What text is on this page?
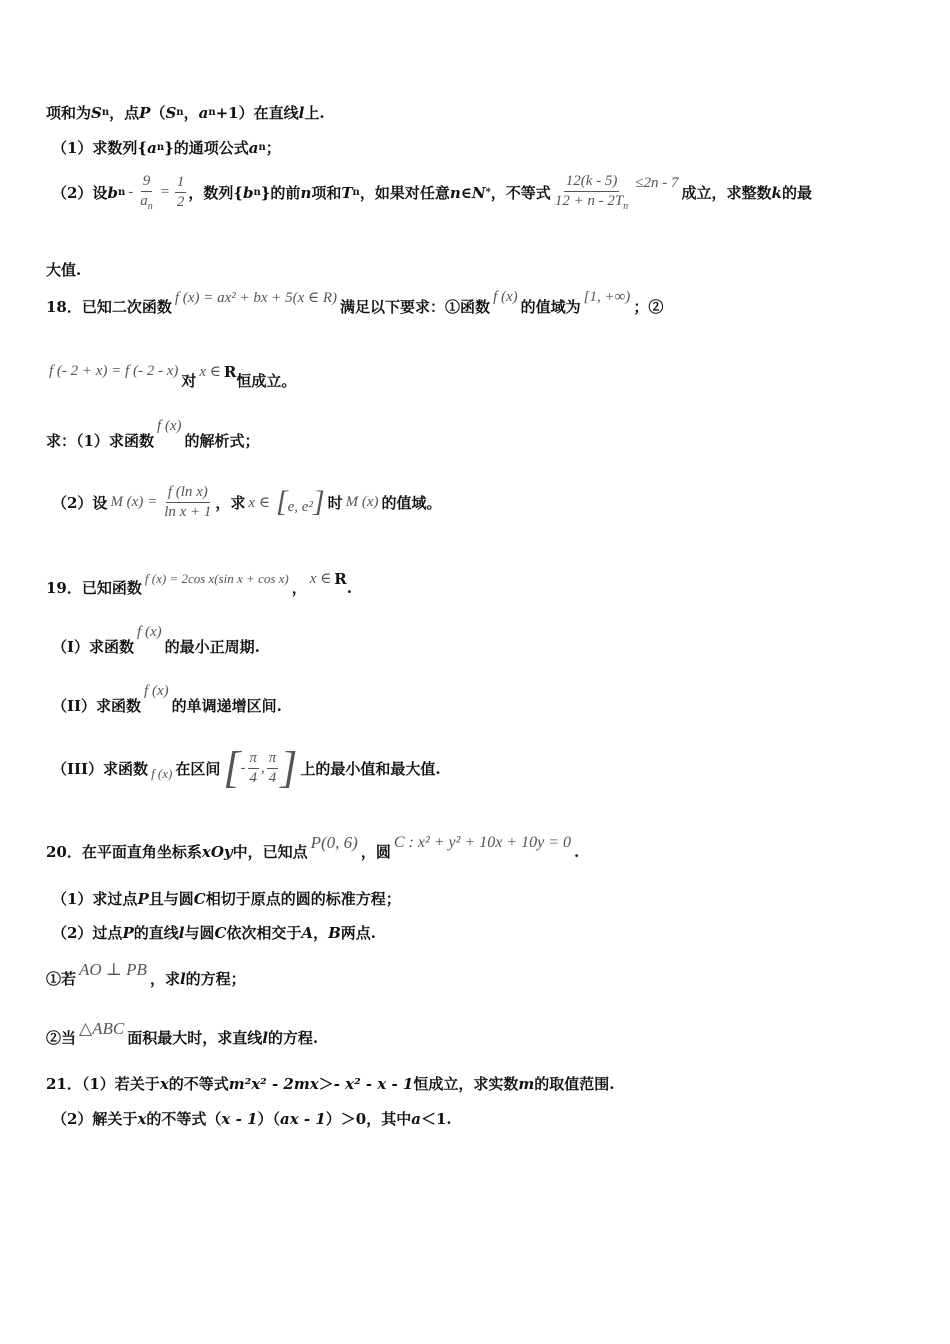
项和为 S n ，点 P （ S n ， a n +1）在直线 l 上.
（1）求数列{ a n }的通项公式 a n ；
（2）设 b $n - \frac{9}{a_n} = \frac{1}{2}$ ，数列{ b n }的前 n 项和 T n ，如果对任意 n ∈ N * ，不等式 $\frac{12(k - 5)}{12 + n - 2T_n} \le 2n - 7$
成立，求整数 k 的最
大值.
18．已知二次函数 f (x) = ax² + bx + 5(x ∈ R) 满足以下要求：①函数
f (x)
的值域为
[1, +∞)
；②
f (- 2 + x) = f (- 2 - x)
对 x ∈ R
恒成立。
求：（1）求函数
f (x)
的解析式；
（2）设 M $(x) = \frac{\text{f (ln x)}}{\text{ln x + 1}}$ ，求 x ∈ [e, e²] 时 M (x) 的值域。
19．已知函数
f (x) = 2cos x(sin x + cos x)
， x ∈ R .
（I）求函数
f (x)
的最小正周期.
（II）求函数
f (x)
的单调递增区间.
（III）求函数 f (x) 在区间 [ - $\frac{\pi}{4}$ , $\frac{\pi}{4}$ ] 上的最小值和最大值.
20．在平面直角坐标系 xOy 中，已知点
P(0, 6)
，圆
C : x² + y² + 10x + 10y = 0
.
（1）求过点 P 且与圆 C 相切于原点的圆的标准方程；
（2）过点 P 的直线 l 与圆 C 依次相交于 A ， B 两点.
①若
AO ⊥ PB
，求 l 的方程；
②当
△ABC
面积最大时，求直线 l 的方程.
21．（1）若关于 x 的不等式 m²x² - 2mx ＞ - x² - x - 1 恒成立，求实数 m 的取值范围.
（2）解关于 x 的不等式（ x - 1 ）（ ax - 1 ）＞0，其中 a ＜1.
